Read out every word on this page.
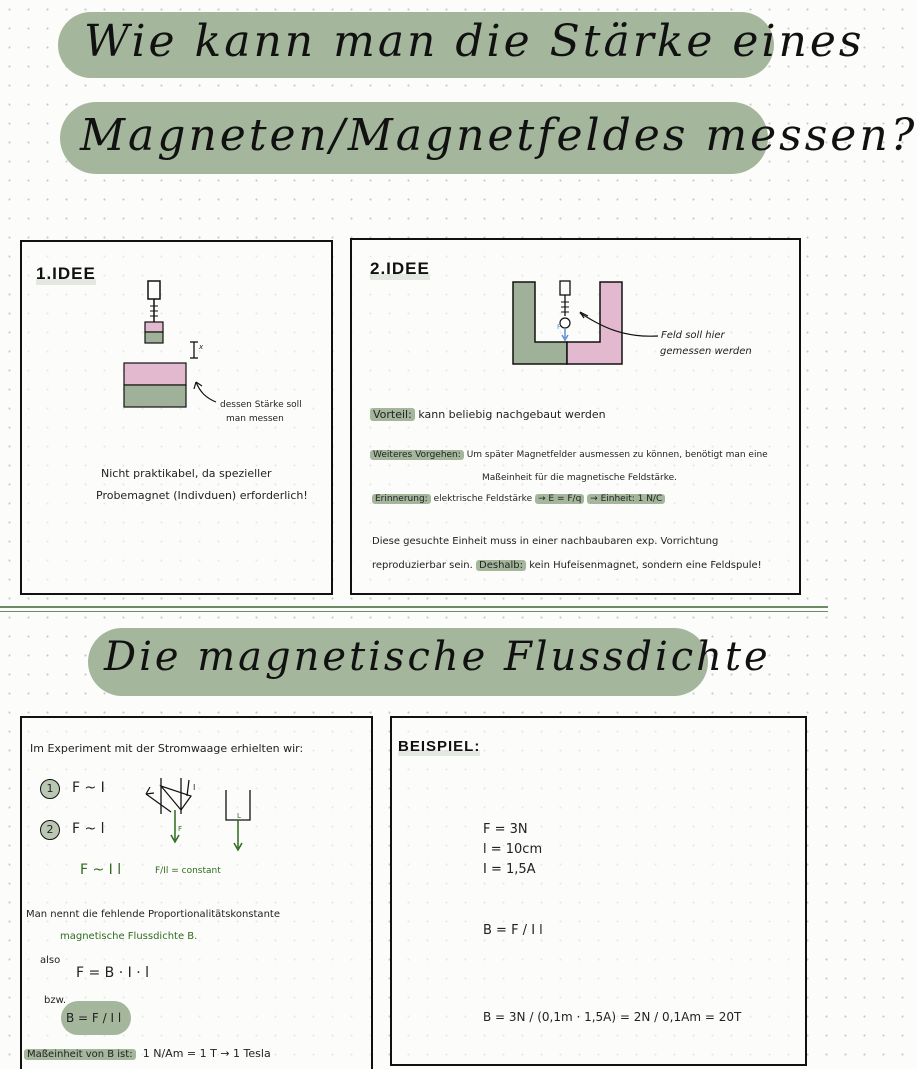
Wie kann man die Stärke eines
Magneten/Magnetfeldes messen?
1.IDEE
x
dessen Stärke soll
man messen
Nicht praktikabel, da spezieller
Probemagnet (Indivduen) erforderlich!
2.IDEE
F
Feld soll hier
gemessen werden
Vorteil: kann beliebig nachgebaut werden
Weiteres Vorgehen: Um später Magnetfelder ausmessen zu können, benötigt man eine
Maßeinheit für die magnetische Feldstärke.
Erinnerung: elektrische Feldstärke → E = F/q → Einheit: 1 N/C
Diese gesuchte Einheit muss in einer nachbaubaren exp. Vorrichtung
reproduzierbar sein. Deshalb: kein Hufeisenmagnet, sondern eine Feldspule!
Die magnetische Flussdichte
Im Experiment mit der Stromwaage erhielten wir:
1 F ~ I
2 F ~ l
I
F
L
F ~ I l	F/Il = constant
Man nennt die fehlende Proportionalitätskonstante
magnetische Flussdichte B.
also
F = B · I · l
bzw.
B = F / I l
Maßeinheit von B ist: 1 N/Am = 1 T → 1 Tesla
BEISPIEL:
F = 3N
l = 10cm
I = 1,5A
B = F / I l
B = 3N / (0,1m · 1,5A) = 2N / 0,1Am = 20T
